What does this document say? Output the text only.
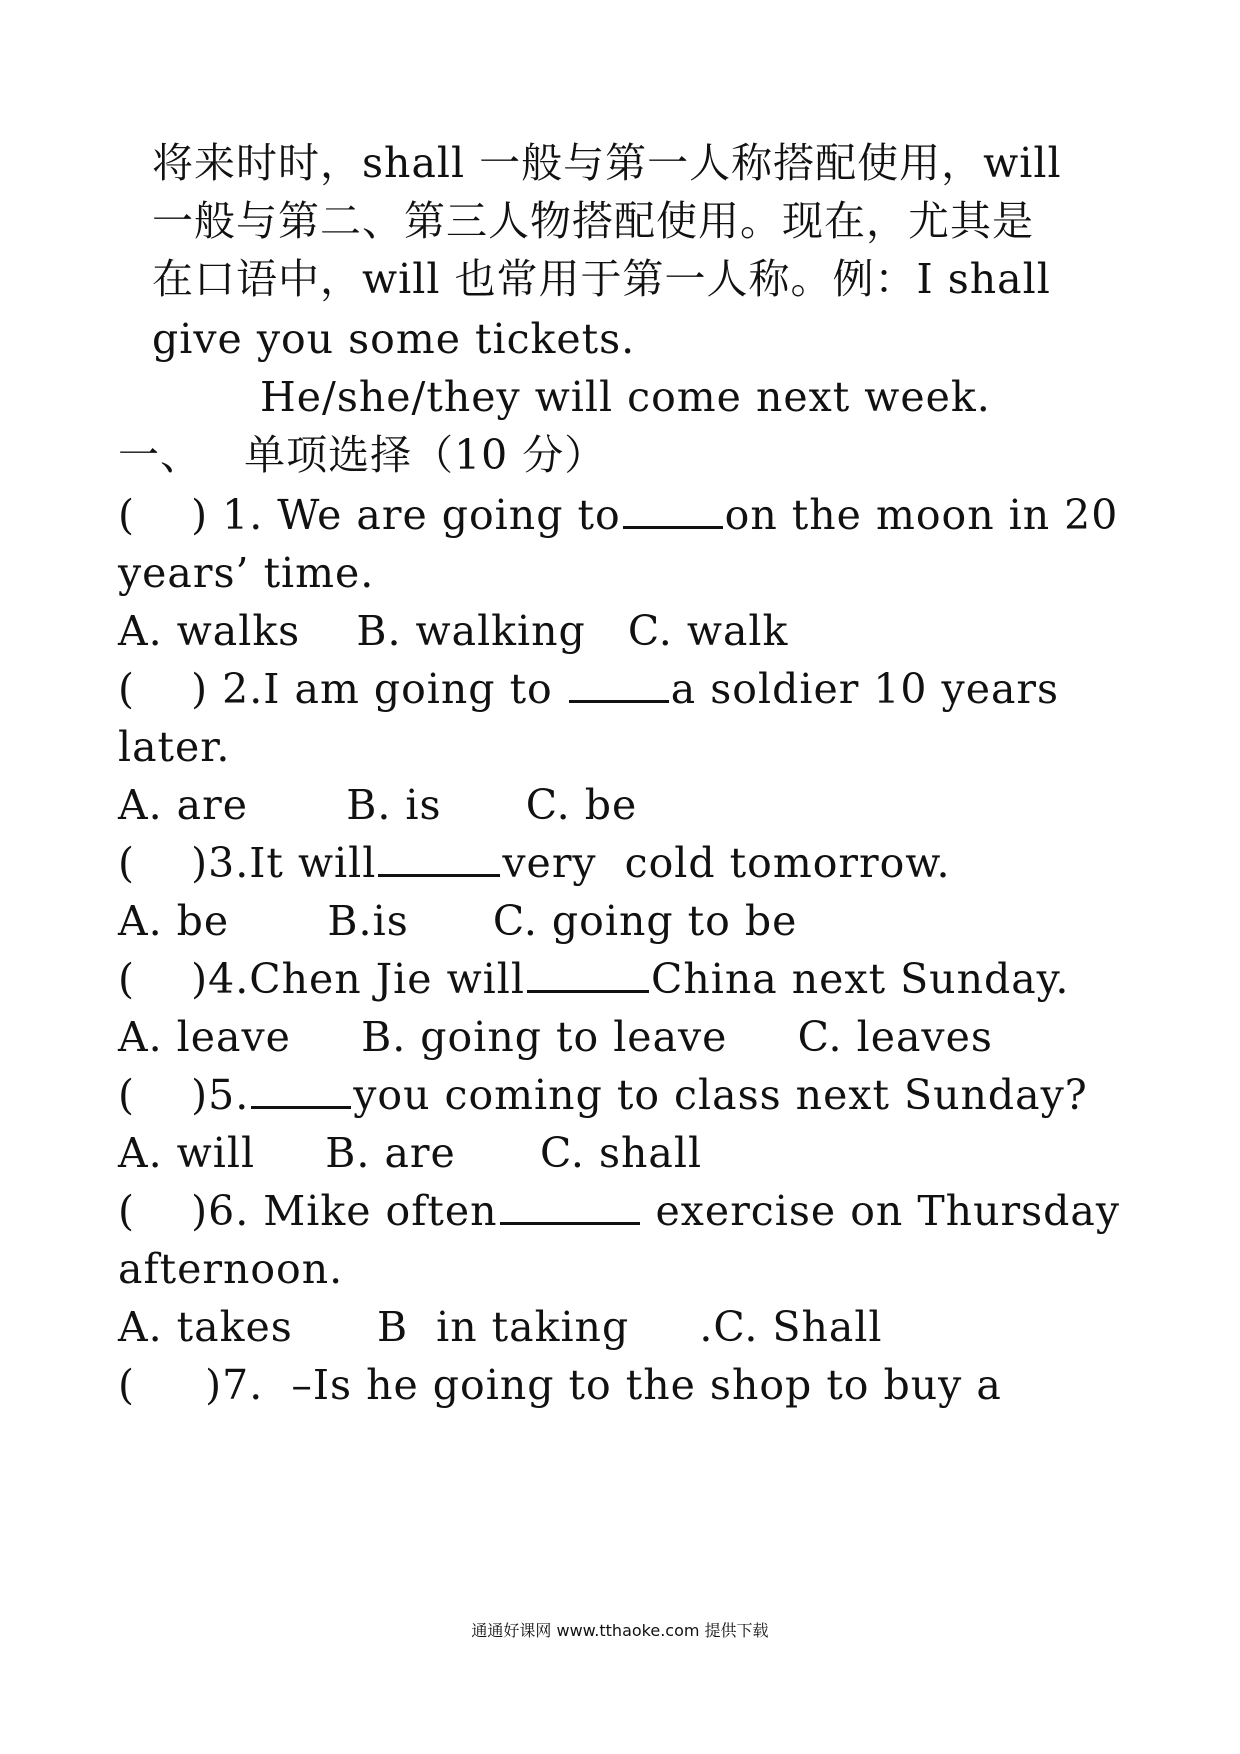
将来时时，shall 一般与第一人称搭配使用，will
一般与第二、第三人物搭配使用。现在，尤其是
在口语中，will 也常用于第一人称。例：I shall
give you some tickets.
He/she/they will come next week.
一、   单项选择（10 分）
(    ) 1. We are going to	on the moon in 20
years’ time.
A. walks    B. walking   C. walk
(    ) 2.I am going to	a soldier 10 years
later.
A. are       B. is      C. be
(    )3.It will	very  cold tomorrow.
A. be       B.is      C. going to be
(    )4.Chen Jie will	China next Sunday.
A. leave     B. going to leave     C. leaves
(    )5.	you coming to class next Sunday?
A. will     B. are      C. shall
(    )6. Mike often	exercise on Thursday
afternoon.
A. takes      B  in taking     .C. Shall
(     )7.  –Is he going to the shop to buy a
通通好课网 www.tthaoke.com 提供下载
